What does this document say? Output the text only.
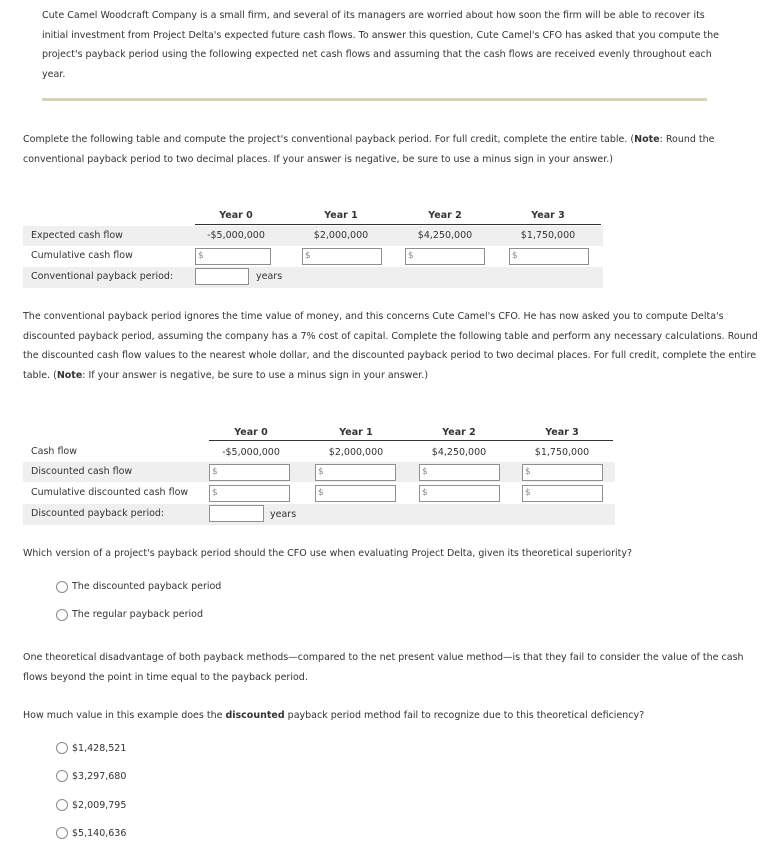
Cute Camel Woodcraft Company is a small firm, and several of its managers are worried about how soon the firm will be able to recover its initial investment from Project Delta's expected future cash flows. To answer this question, Cute Camel's CFO has asked that you compute the project's payback period using the following expected net cash flows and assuming that the cash flows are received evenly throughout each year.
Complete the following table and compute the project's conventional payback period. For full credit, complete the entire table. (Note: Round the conventional payback period to two decimal places. If your answer is negative, be sure to use a minus sign in your answer.)
Year 0	Year 1	Year 2	Year 3
Expected cash flow	-$5,000,000	$2,000,000	$4,250,000	$1,750,000
Cumulative cash flow	$	$	$	$
Conventional payback period:	years
The conventional payback period ignores the time value of money, and this concerns Cute Camel's CFO. He has now asked you to compute Delta's discounted payback period, assuming the company has a 7% cost of capital. Complete the following table and perform any necessary calculations. Round the discounted cash flow values to the nearest whole dollar, and the discounted payback period to two decimal places. For full credit, complete the entire table. (Note: If your answer is negative, be sure to use a minus sign in your answer.)
Year 0	Year 1	Year 2	Year 3
Cash flow	-$5,000,000	$2,000,000	$4,250,000	$1,750,000
Discounted cash flow	$	$	$	$
Cumulative discounted cash flow	$	$	$	$
Discounted payback period:	years
Which version of a project's payback period should the CFO use when evaluating Project Delta, given its theoretical superiority?
The discounted payback period
The regular payback period
One theoretical disadvantage of both payback methods—compared to the net present value method—is that they fail to consider the value of the cash flows beyond the point in time equal to the payback period.
How much value in this example does the discounted payback period method fail to recognize due to this theoretical deficiency?
$1,428,521
$3,297,680
$2,009,795
$5,140,636
